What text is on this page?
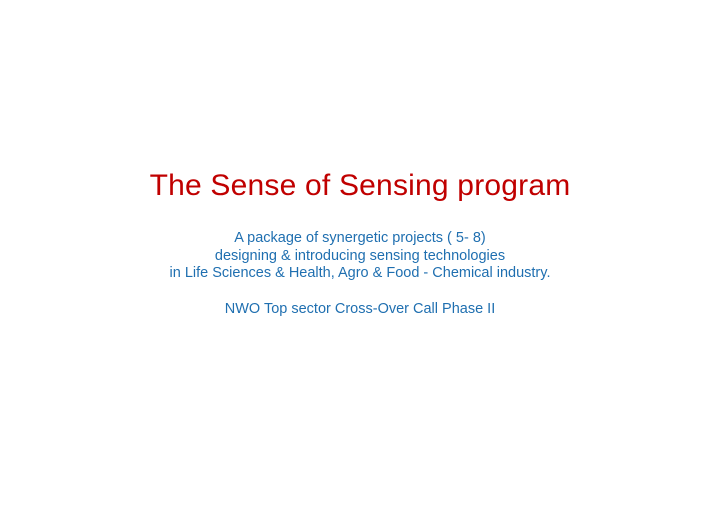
The Sense of Sensing program
A package of synergetic projects ( 5- 8)
designing & introducing sensing technologies
in Life Sciences & Health, Agro & Food - Chemical industry.
NWO Top sector Cross-Over Call Phase II
